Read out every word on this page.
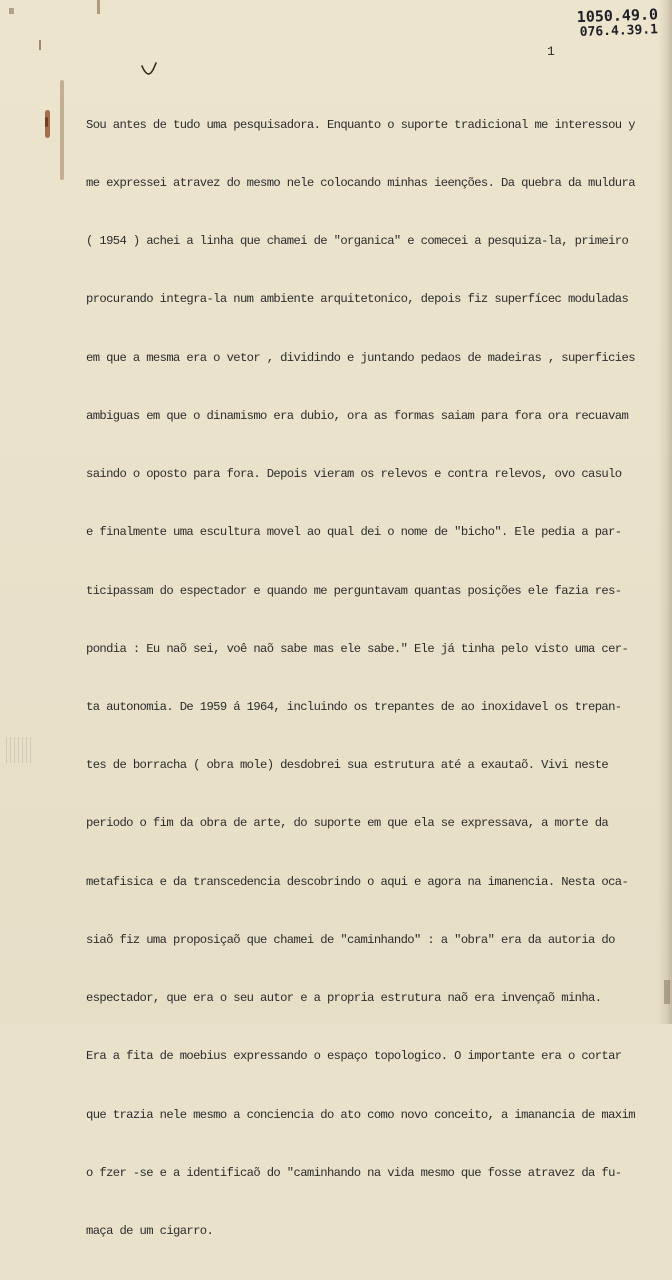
1050.49.0
076.4.39.1
1

Sou antes de tudo uma pesquisadora. Enquanto o suporte tradicional me interessou y

me expressei atravez do mesmo nele colocando minhas ieenções. Da quebra da muldura

( 1954 ) achei a linha que chamei de "organica" e comecei a pesquiza-la, primeiro

procurando integra-la num ambiente arquitetonico, depois fiz superfícec moduladas

em que a mesma era o vetor , dividindo e juntando pedaos de madeiras , superficies

ambiguas em que o dinamismo era dubio, ora as formas saiam para fora ora recuavam

saindo o oposto para fora. Depois vieram os relevos e contra relevos, ovo casulo

e finalmente uma escultura movel ao qual dei o nome de "bicho". Ele pedia a par-

ticipassam do espectador e quando me perguntavam quantas posições ele fazia res-

pondia : Eu naõ sei, voê naõ sabe mas ele sabe." Ele já tinha pelo visto uma cer-

ta autonomia. De 1959 á 1964, incluindo os trepantes de ao inoxidavel os trepan-

tes de borracha ( obra mole) desdobrei sua estrutura até a exautaõ. Vivi neste

periodo o fim da obra de arte, do suporte em que ela se expressava, a morte da

metafisica e da transcedencia descobrindo o aqui e agora na imanencia. Nesta oca-

siaõ fiz uma proposiçaõ que chamei de "caminhando" : a "obra" era da autoria do

espectador, que era o seu autor e a propria estrutura naõ era invençaõ minha.

Era a fita de moebius expressando o espaço topologico. O importante era o cortar

que trazia nele mesmo a conciencia do ato como novo conceito, a imanancia de maxim

o fzer -se e a identificaõ do "caminhando na vida mesmo que fosse atravez da fu-

maça de um cigarro.
